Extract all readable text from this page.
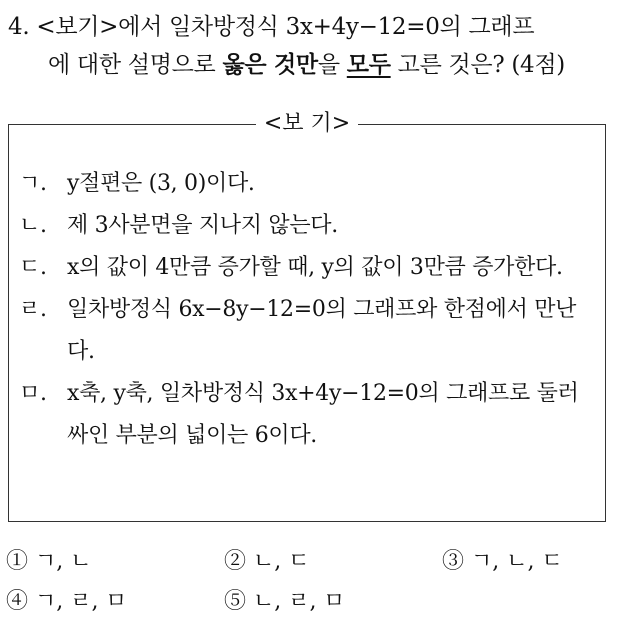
4. <보기>에서 일차방정식 3x+4y−12=0의 그래프
에 대한 설명으로 옳은 것만을 모두 고른 것은? (4점)
<보 기>
ㄱ. y절편은 (3, 0)이다.
ㄴ. 제 3사분면을 지나지 않는다.
ㄷ. x의 값이 4만큼 증가할 때, y의 값이 3만큼 증가한다.
ㄹ. 일차방정식 6x−8y−12=0의 그래프와 한점에서 만난다.
ㅁ. x축, y축, 일차방정식 3x+4y−12=0의 그래프로 둘러싸인 부분의 넓이는 6이다.
① ㄱ, ㄴ	② ㄴ, ㄷ	③ ㄱ, ㄴ, ㄷ
④ ㄱ, ㄹ, ㅁ	⑤ ㄴ, ㄹ, ㅁ
